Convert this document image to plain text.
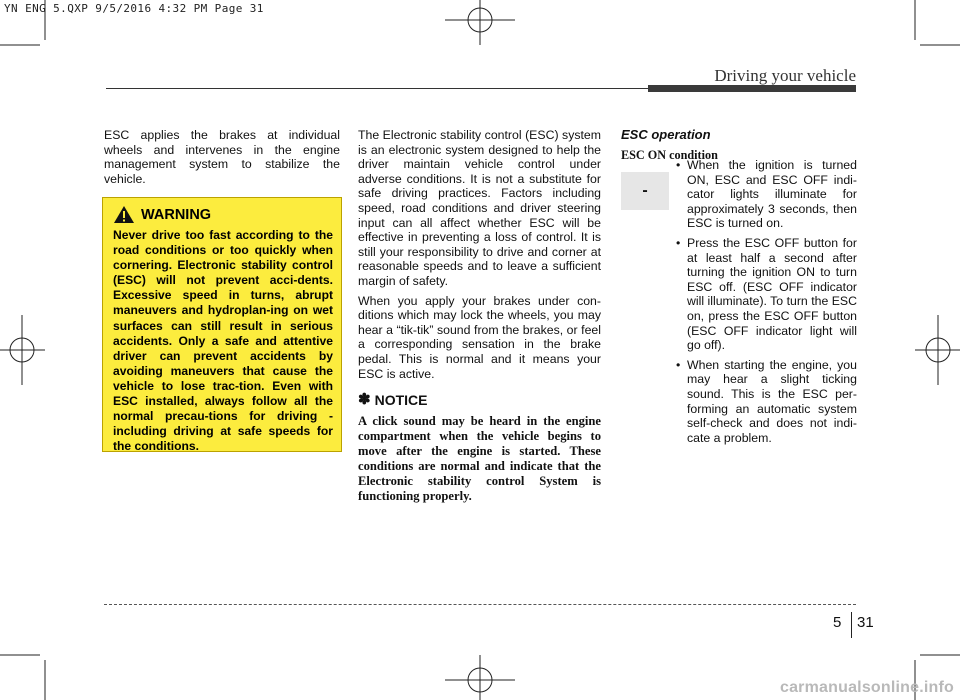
YN ENG 5.QXP 9/5/2016 4:32 PM Page 31
Driving your vehicle

ESC applies the brakes at individual wheels and intervenes in the engine management system to stabilize the vehicle.

WARNING
Never drive too fast according to the road conditions or too quickly when cornering. Electronic stability control (ESC) will not prevent acci-dents. Excessive speed in turns, abrupt maneuvers and hydroplan-ing on wet surfaces can still result in serious accidents. Only a safe and attentive driver can prevent accidents by avoiding maneuvers that cause the vehicle to lose trac-tion. Even with ESC installed, always follow all the normal precau-tions for driving - including driving at safe speeds for the conditions.

The Electronic stability control (ESC) system is an electronic system designed to help the driver maintain vehicle control under adverse conditions. It is not a substitute for safe driving practices. Factors including speed, road conditions and driver steering input can all affect whether ESC will be effective in preventing a loss of control. It is still your responsibility to drive and corner at reasonable speeds and to leave a sufficient margin of safety.

When you apply your brakes under con-ditions which may lock the wheels, you may hear a “tik-tik” sound from the brakes, or feel a corresponding sensation in the brake pedal. This is normal and it means your ESC is active.

✽ NOTICE
A click sound may be heard in the engine compartment when the vehicle begins to move after the engine is started. These conditions are normal and indicate that the Electronic stability control System is functioning properly.
ESC operation
ESC ON condition
-
• When the ignition is turned ON, ESC and ESC OFF indi-cator lights illuminate for approximately 3 seconds, then ESC is turned on.
• Press the ESC OFF button for at least half a second after turning the ignition ON to turn ESC off. (ESC OFF indicator will illuminate). To turn the ESC on, press the ESC OFF button (ESC OFF indicator light will go off).
• When starting the engine, you may hear a slight ticking sound. This is the ESC per-forming an automatic system self-check and does not indi-cate a problem.
5 31
carmanualsonline.info
